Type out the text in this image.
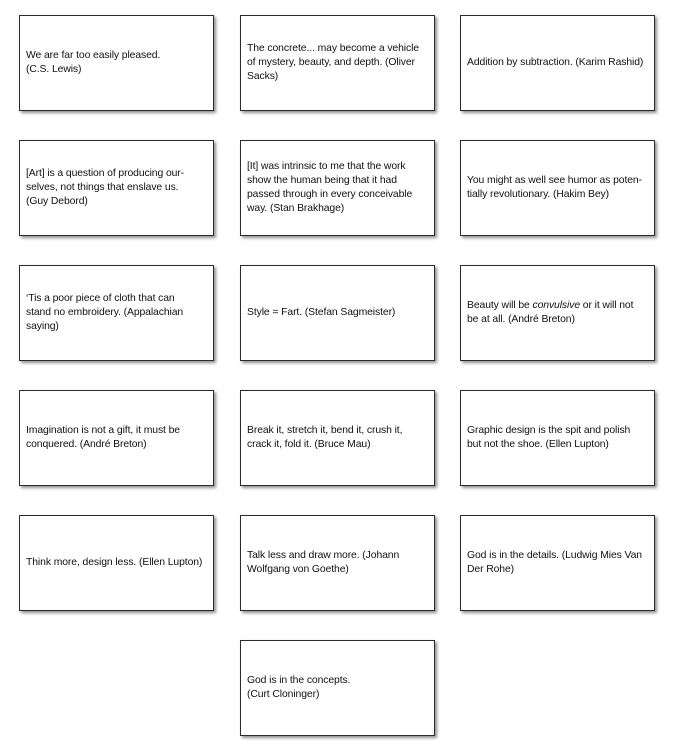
We are far too easily pleased.
(C.S. Lewis)
The concrete... may become a vehicle
of mystery, beauty, and depth. (Oliver
Sacks)
Addition by subtraction. (Karim Rashid)
[Art] is a question of producing our-
selves, not things that enslave us.
(Guy Debord)
[It] was intrinsic to me that the work
show the human being that it had
passed through in every conceivable
way. (Stan Brakhage)
You might as well see humor as poten-
tially revolutionary. (Hakim Bey)
‘Tis a poor piece of cloth that can
stand no embroidery. (Appalachian
saying)
Style = Fart. (Stefan Sagmeister)
Beauty will be convulsive or it will not
be at all. (André Breton)
Imagination is not a gift, it must be
conquered. (André Breton)
Break it, stretch it, bend it, crush it,
crack it, fold it. (Bruce Mau)
Graphic design is the spit and polish
but not the shoe. (Ellen Lupton)
Think more, design less. (Ellen Lupton)
Talk less and draw more. (Johann
Wolfgang von Goethe)
God is in the details. (Ludwig Mies Van
Der Rohe)
God is in the concepts.
(Curt Cloninger)
